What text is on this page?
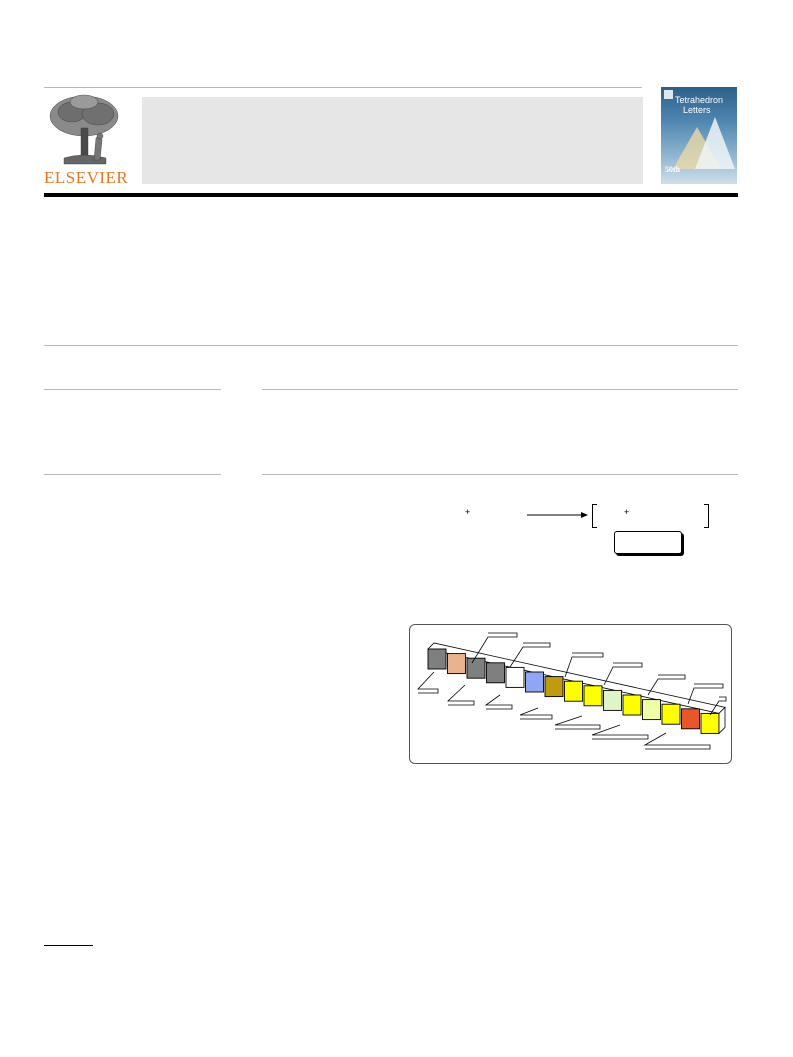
ELSEVIER
Tetrahedron
Letters
50th
+	+
